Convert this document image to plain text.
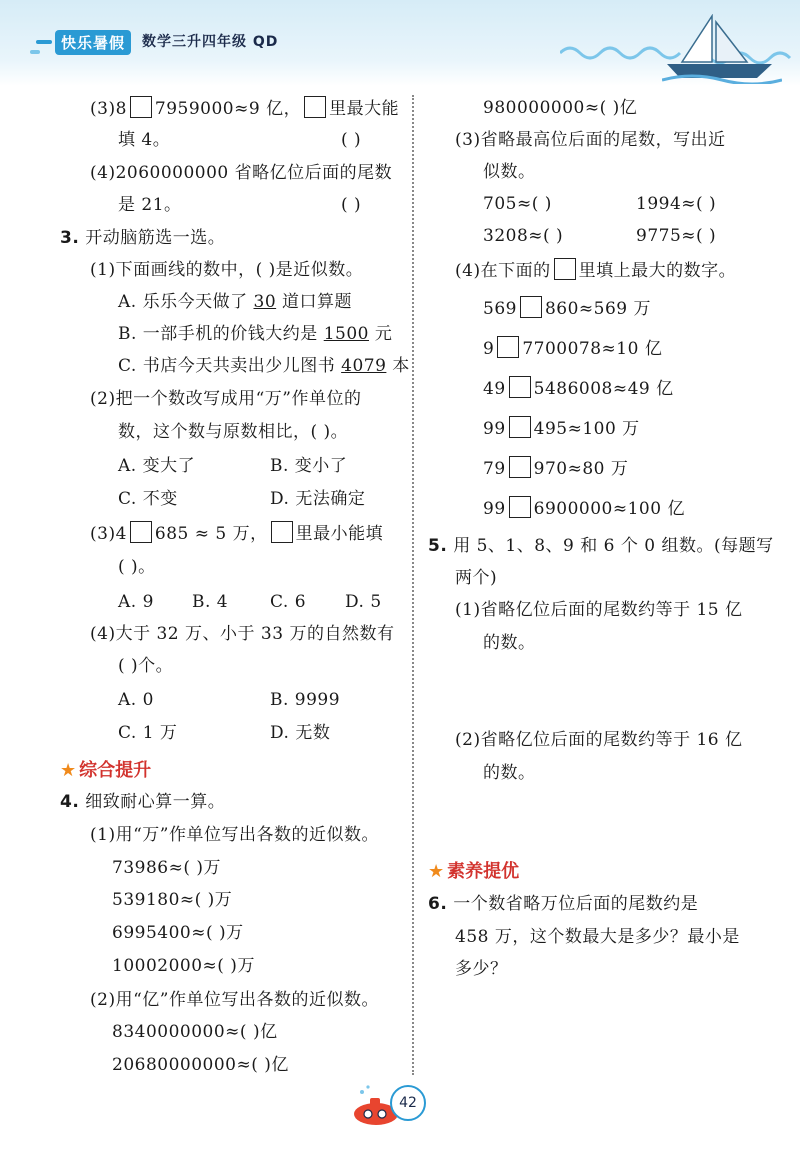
快乐暑假	数学三升四年级 QD
(3)8 7959000≈9 亿， 里最大能
填 4。	( )
(4)2060000000 省略亿位后面的尾数
是 21。	( )
3. 开动脑筋选一选。
(1)下面画线的数中，( )是近似数。
A. 乐乐今天做了 30 道口算题
B. 一部手机的价钱大约是 1500 元
C. 书店今天共卖出少儿图书 4079 本
(2)把一个数改写成用“万”作单位的
数，这个数与原数相比，( )。
A. 变大了	B. 变小了
C. 不变	D. 无法确定
(3)4 685 ≈ 5 万， 里最小能填
( )。
A. 9 B. 4 C. 6 D. 5
(4)大于 32 万、小于 33 万的自然数有
( )个。
A. 0	B. 9999
C. 1 万	D. 无数
★ 综合提升
4. 细致耐心算一算。
(1)用“万”作单位写出各数的近似数。
73986≈( )万
539180≈( )万
6995400≈( )万
10002000≈( )万
(2)用“亿”作单位写出各数的近似数。
8340000000≈( )亿
20680000000≈( )亿
980000000≈( )亿
(3)省略最高位后面的尾数，写出近
似数。
705≈( )	1994≈( )
3208≈( )	9775≈( )
(4)在下面的 里填上最大的数字。
569 860≈569 万
9 7700078≈10 亿
49 5486008≈49 亿
99 495≈100 万
79 970≈80 万
99 6900000≈100 亿
5. 用 5、1、8、9 和 6 个 0 组数。(每题写
两个)
(1)省略亿位后面的尾数约等于 15 亿
的数。
(2)省略亿位后面的尾数约等于 16 亿
的数。
★ 素养提优
6. 一个数省略万位后面的尾数约是
458 万，这个数最大是多少？最小是
多少？
42
